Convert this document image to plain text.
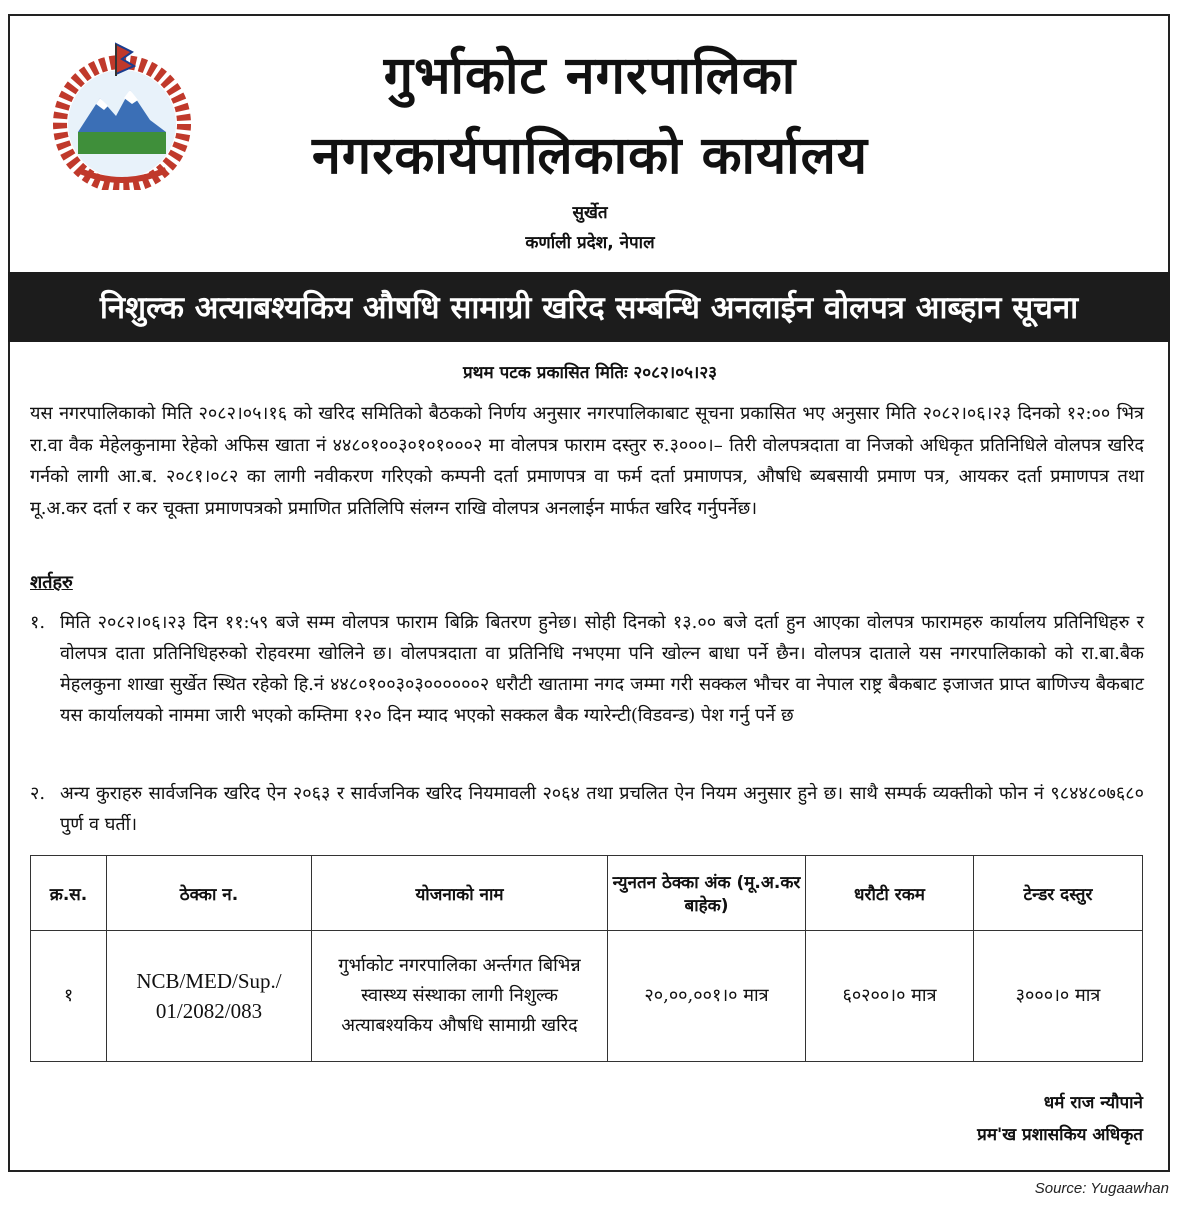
गुर्भाकोट नगरपालिका
नगरकार्यपालिकाको कार्यालय
सुर्खेत
कर्णाली प्रदेश, नेपाल
निशुल्क अत्याबश्यकिय औषधि सामाग्री खरिद सम्बन्धि अनलाईन वोलपत्र आब्हान सूचना
प्रथम पटक प्रकासित मितिः २०८२।०५।२३

यस नगरपालिकाको मिति २०८२।०५।१६ को खरिद समितिको बैठकको निर्णय अनुसार नगरपालिकाबाट सूचना प्रकासित भए अनुसार मिति २०८२।०६।२३ दिनको १२:०० भित्र रा.वा वैक मेहेलकुनामा रेहेको अफिस खाता नं ४४८०१००३०१०१०००२ मा वोलपत्र फाराम दस्तुर रु.३०००।– तिरी वोलपत्रदाता वा निजको अधिकृत प्रतिनिधिले वोलपत्र खरिद गर्नको लागी आ.ब. २०८१।०८२ का लागी नवीकरण गरिएको कम्पनी दर्ता प्रमाणपत्र वा फर्म दर्ता प्रमाणपत्र, औषधि ब्यबसायी प्रमाण पत्र, आयकर दर्ता प्रमाणपत्र तथा मू.अ.कर दर्ता र कर चूक्ता प्रमाणपत्रको प्रमाणित प्रतिलिपि संलग्न राखि वोलपत्र अनलाईन मार्फत खरिद गर्नुपर्नेछ।

शर्तहरु
१. मिति २०८२।०६।२३ दिन ११:५९ बजे सम्म वोलपत्र फाराम बिक्रि बितरण हुनेछ। सोही दिनको १३.०० बजे दर्ता हुन आएका वोलपत्र फारामहरु कार्यालय प्रतिनिधिहरु र वोलपत्र दाता प्रतिनिधिहरुको रोहवरमा खोलिने छ। वोलपत्रदाता वा प्रतिनिधि नभएमा पनि खोल्न बाधा पर्ने छैन। वोलपत्र दाताले यस नगरपालिकाको को रा.बा.बैक मेहलकुना शाखा सुर्खेत स्थित रहेको हि.नं ४४८०१००३०३००००००२ धरौटी खातामा नगद जम्मा गरी सक्कल भौचर वा नेपाल राष्ट्र बैकबाट इजाजत प्राप्त बाणिज्य बैकबाट यस कार्यालयको नाममा जारी भएको कम्तिमा १२० दिन म्याद भएको सक्कल बैक ग्यारेन्टी(विडवन्ड) पेश गर्नु पर्ने छ
२. अन्य कुराहरु सार्वजनिक खरिद ऐन २०६३ र सार्वजनिक खरिद नियमावली २०६४ तथा प्रचलित ऐन नियम अनुसार हुने छ। साथै सम्पर्क व्यक्तीको फोन नं ९८४४८०७६८० पुर्ण व घर्ती।
क्र.स.	ठेक्का न.	योजनाको नाम	न्युनतन ठेक्का अंक (मू.अ.कर बाहेक)	धरौटी रकम	टेन्डर दस्तुर
१	NCB/MED/Sup./ 01/2082/083	गुर्भाकोट नगरपालिका अर्न्तगत बिभिन्न स्वास्थ्य संस्थाका लागी निशुल्क अत्याबश्यकिय औषधि सामाग्री खरिद	२०,००,००१।० मात्र	६०२००।० मात्र	३०००।० मात्र
धर्म राज न्यौपाने
प्रम'ख प्रशासकिय अधिकृत
Source: Yugaawhan
